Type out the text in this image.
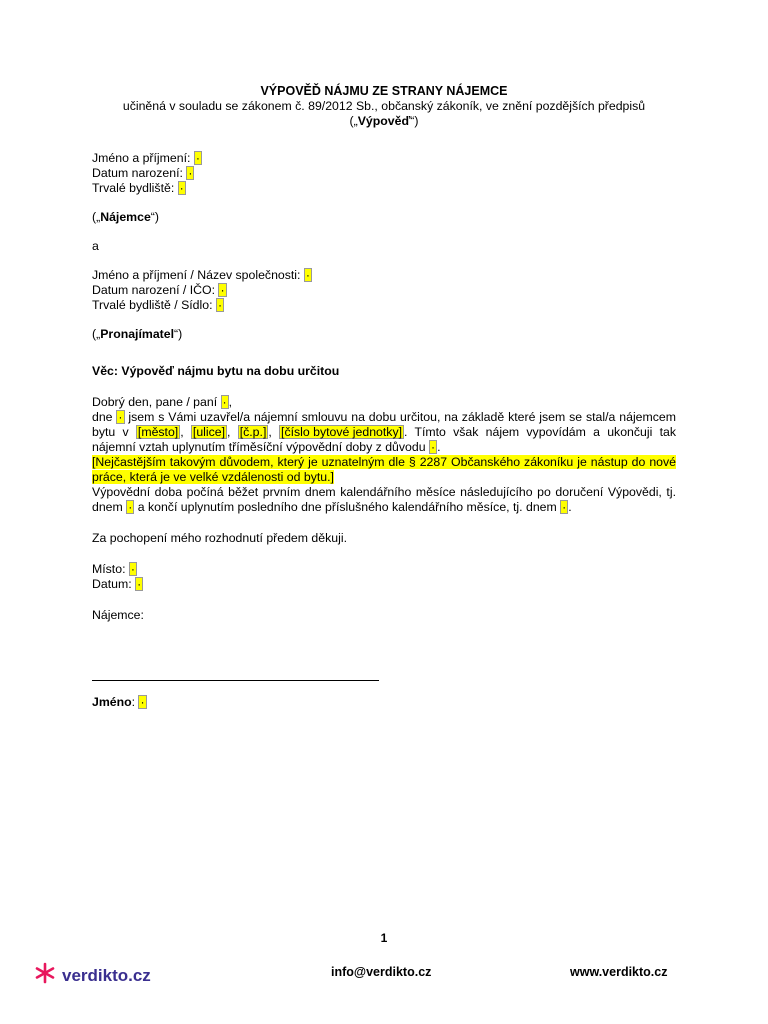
VÝPOVĚĎ NÁJMU ZE STRANY NÁJEMCE
učiněná v souladu se zákonem č. 89/2012 Sb., občanský zákoník, ve znění pozdějších předpisů
(„Výpověď“)
Jméno a příjmení: ·
Datum narození: ·
Trvalé bydliště: ·
(„Nájemce“)
a
Jméno a příjmení / Název společnosti: ·
Datum narození / IČO: ·
Trvalé bydliště / Sídlo: ·
(„Pronajímatel“)
Věc: Výpověď nájmu bytu na dobu určitou
Dobrý den, pane / paní · ,
dne · jsem s Vámi uzavřel/a nájemní smlouvu na dobu určitou, na základě které jsem se stal/a nájemcem bytu v [město] , [ulice] , [č.p.] , [číslo bytové jednotky] . Tímto však nájem vypovídám a ukončuji tak nájemní vztah uplynutím tříměsíční výpovědní doby z důvodu · .
[Nejčastějším takovým důvodem, který je uznatelným dle § 2287 Občanského zákoníku je nástup do nové práce, která je ve velké vzdálenosti od bytu.]
Výpovědní doba počíná běžet prvním dnem kalendářního měsíce následujícího po doručení Výpovědi, tj. dnem · a končí uplynutím posledního dne příslušného kalendářního měsíce, tj. dnem · .
Za pochopení mého rozhodnutí předem děkuji.
Místo: ·
Datum: ·
Nájemce:
Jméno: ·
1
verdikto.cz	info@verdikto.cz	www.verdikto.cz
